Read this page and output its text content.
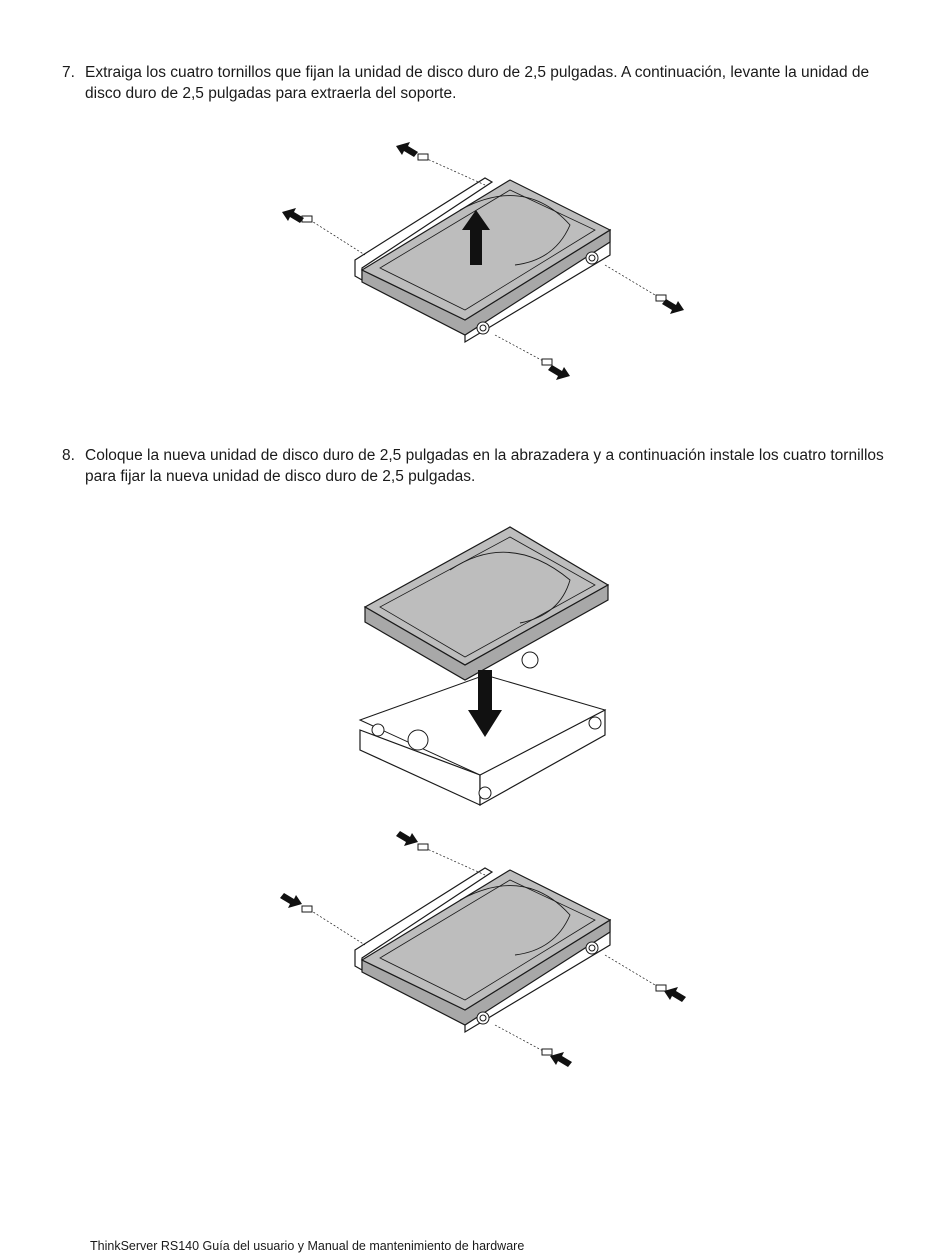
7. Extraiga los cuatro tornillos que fijan la unidad de disco duro de 2,5 pulgadas. A continuación, levante la unidad de disco duro de 2,5 pulgadas para extraerla del soporte.
8. Coloque la nueva unidad de disco duro de 2,5 pulgadas en la abrazadera y a continuación instale los cuatro tornillos para fijar la nueva unidad de disco duro de 2,5 pulgadas.
ThinkServer RS140 Guía del usuario y Manual de mantenimiento de hardware
